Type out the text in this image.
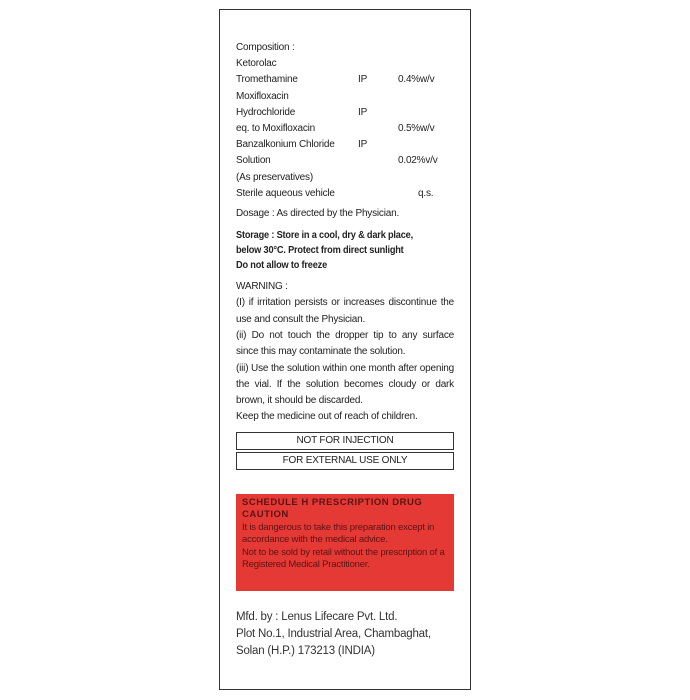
Composition :
Ketorolac
Tromethamine	IP	0.4%w/v
Moxifloxacin
Hydrochloride	IP
eq. to Moxifloxacin	0.5%w/v
Banzalkonium Chloride IP
Solution	0.02%v/v
(As preservatives)
Sterile aqueous vehicle	q.s.
Dosage : As directed by the Physician.
Storage : Store in a cool, dry & dark place,
below 30°C. Protect from direct sunlight
Do not allow to freeze

WARNING :

(I) if irritation persists or increases discontinue the use and consult the Physician.

(ii) Do not touch the dropper tip to any surface since this may contaminate the solution.

(iii) Use the solution within one month after opening the vial. If the solution becomes cloudy or dark brown, it should be discarded.

Keep the medicine out of reach of children.

NOT FOR INJECTION
FOR EXTERNAL USE ONLY
SCHEDULE H PRESCRIPTION DRUG
CAUTION

It is dangerous to take this preparation except in accordance with the medical advice.

Not to be sold by retail without the prescription of a Registered Medical Practitioner.

Mfd. by : Lenus Lifecare Pvt. Ltd.
Plot No.1, Industrial Area, Chambaghat,
Solan (H.P.) 173213 (INDIA)
